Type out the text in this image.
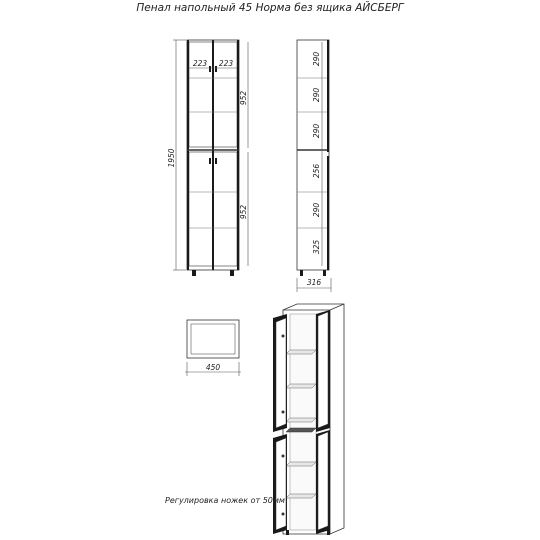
Пенал напольный 45 Норма без ящика АЙСБЕРГ
1950
223 223
952
952
290
290
290
256
290
325
316
450
Регулировка ножек от 50мм
